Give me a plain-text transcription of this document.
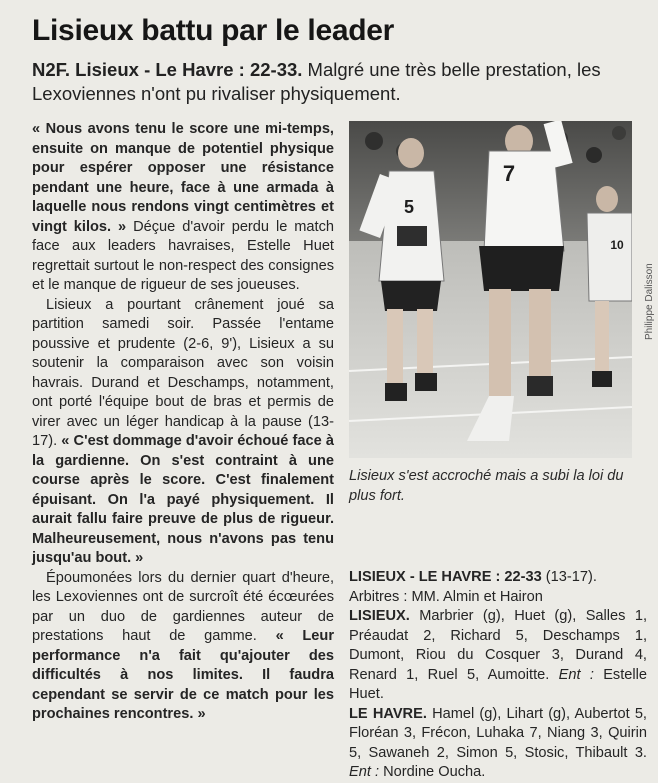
Lisieux battu par le leader

N2F. Lisieux - Le Havre : 22-33. Malgré une très belle prestation, les Lexoviennes n'ont pu rivaliser physiquement.

« Nous avons tenu le score une mi-temps, ensuite on manque de potentiel physique pour espérer opposer une résistance pendant une heure, face à une armada à laquelle nous rendons vingt centimètres et vingt kilos. » Déçue d'avoir perdu le match face aux leaders havraises, Estelle Huet regrettait surtout le non-respect des consignes et le manque de rigueur de ses joueuses.

Lisieux a pourtant crânement joué sa partition samedi soir. Passée l'entame poussive et prudente (2-6, 9'), Lisieux a su soutenir la comparaison avec son voisin havrais. Durand et Deschamps, notamment, ont porté l'équipe bout de bras et permis de virer avec un léger handicap à la pause (13-17). « C'est dommage d'avoir échoué face à la gardienne. On s'est contraint à une course après le score. C'est finalement épuisant. On l'a payé physiquement. Il aurait fallu faire preuve de plus de rigueur. Malheureusement, nous n'avons pas tenu jusqu'au bout. »

Époumonées lors du dernier quart d'heure, les Lexoviennes ont de surcroît été écœurées par un duo de gardiennes auteur de prestations haut de gamme. « Leur performance n'a fait qu'ajouter des difficultés à nos limites. Il faudra cependant se servir de ce match pour les prochaines rencontres. »

5
7
10
Philippe Dalisson
Lisieux s'est accroché mais a subi la loi du plus fort.

LISIEUX - LE HAVRE : 22-33 (13-17).

Arbitres : MM. Almin et Hairon

LISIEUX. Marbrier (g), Huet (g), Salles 1, Préaudat 2, Richard 5, Deschamps 1, Dumont, Riou du Cosquer 3, Durand 4, Renard 1, Ruel 5, Aumoitte. Ent : Estelle Huet.

LE HAVRE. Hamel (g), Lihart (g), Aubertot 5, Floréan 3, Frécon, Luhaka 7, Niang 3, Quirin 5, Sawaneh 2, Simon 5, Stosic, Thibault 3. Ent : Nordine Oucha.
